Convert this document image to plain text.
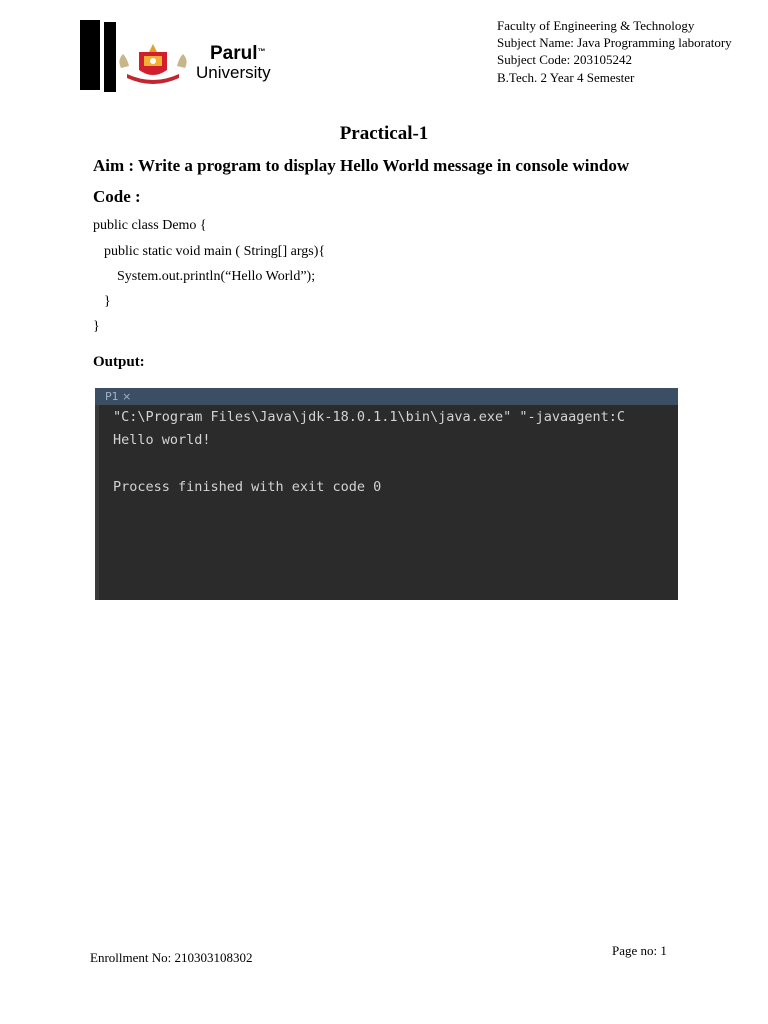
Parul™
University
Faculty of Engineering & Technology
Subject Name: Java Programming laboratory
Subject Code: 203105242
B.Tech. 2 Year 4 Semester
Practical-1
Aim : Write a program to display Hello World message in console window
Code :
public class Demo {
public static void main ( String[] args){
System.out.println(“Hello World”);
}
}
Output:
P1 ×
"C:\Program Files\Java\jdk-18.0.1.1\bin\java.exe" "-javaagent:C
Hello world!
Process finished with exit code 0
Enrollment No: 210303108302	Page no: 1
